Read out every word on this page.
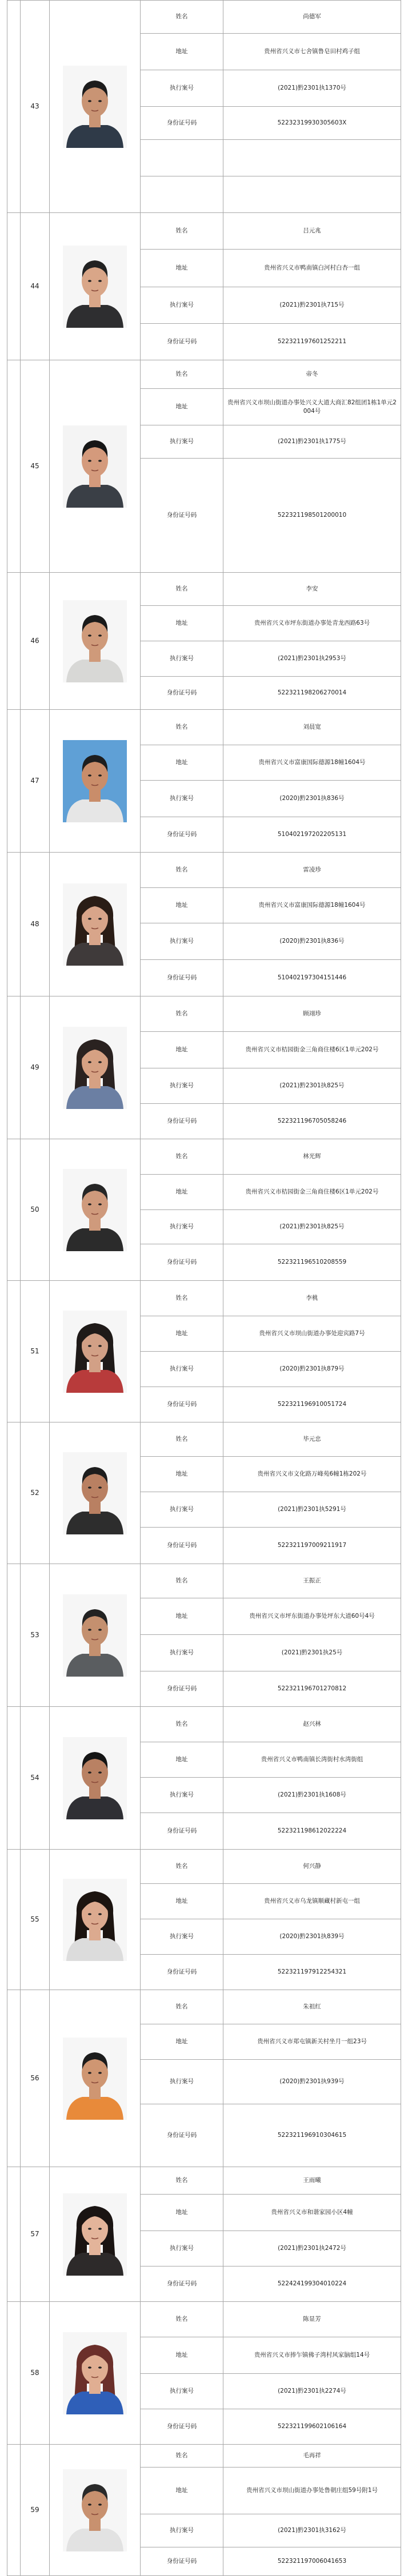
	43		姓名	尚德军
			地址	贵州省兴义市七舍镇鲁皂田村鸡子组
			执行案号	(2021)黔2301执1370号
			身份证号码	52232319930305603X

	44		姓名	吕元兆
			地址	贵州省兴义市鸭南镇白河村白杏一组
			执行案号	(2021)黔2301执715号
			身份证号码	522321197601252211
	45		姓名	帝冬
			地址	贵州省兴义市坝山街道办事处兴义大道大商汇82组团1栋1单元2004号
			执行案号	(2021)黔2301执1775号
			身份证号码	522321198501200010
	46		姓名	李安
			地址	贵州省兴义市坪东街道办事处青龙西路63号
			执行案号	(2021)黔2301执2953号
			身份证号码	522321198206270014
	47		姓名	刘晨宽
			地址	贵州省兴义市富康国际德源18幢1604号
			执行案号	(2020)黔2301执836号
			身份证号码	510402197202205131
	48		姓名	雷凌珍
			地址	贵州省兴义市富康国际德源18幢1604号
			执行案号	(2020)黔2301执836号
			身份证号码	510402197304151446
	49		姓名	顾翊珍
			地址	贵州省兴义市桔园街金三角商住楼6区1单元202号
			执行案号	(2021)黔2301执825号
			身份证号码	522321196705058246
	50		姓名	林光辉
			地址	贵州省兴义市桔园街金三角商住楼6区1单元202号
			执行案号	(2021)黔2301执825号
			身份证号码	522321196510208559
	51		姓名	李桃
			地址	贵州省兴义市坝山街道办事处迎宾路7号
			执行案号	(2020)黔2301执879号
			身份证号码	522321196910051724
	52		姓名	毕元忠
			地址	贵州省兴义市文化路万峰苑6幢1栋202号
			执行案号	(2021)黔2301执5291号
			身份证号码	522321197009211917
	53		姓名	王振正
			地址	贵州省兴义市坪东街道办事处坪东大道60号4号
			执行案号	(2021)黔2301执25号
			身份证号码	522321196701270812
	54		姓名	赵兴林
			地址	贵州省兴义市鸭南镇长湾街村水湾街组
			执行案号	(2021)黔2301执1608号
			身份证号码	522321198612022224
	55		姓名	何兴静
			地址	贵州省兴义市乌龙镇顺藏村新屯一组
			执行案号	(2020)黔2301执839号
			身份证号码	522321197912254321
	56		姓名	朱祖红
			地址	贵州省兴义市郑屯镇新关村坐月一组23号
			执行案号	(2020)黔2301执939号
			身份证号码	522321196910304615
	57		姓名	王雨曦
			地址	贵州省兴义市和谐家园小区4幢
			执行案号	(2021)黔2301执2472号
			身份证号码	522424199304010224
	58		姓名	陈显芳
			地址	贵州省兴义市捧乍镇佛子湾村风家脑组14号
			执行案号	(2021)黔2301执2274号
			身份证号码	522321199602106164
	59		姓名	毛再祥
			地址	贵州省兴义市坝山街道办事处鲁朝庄组59号附1号
			执行案号	(2021)黔2301执3162号
			身份证号码	522321197006041653
